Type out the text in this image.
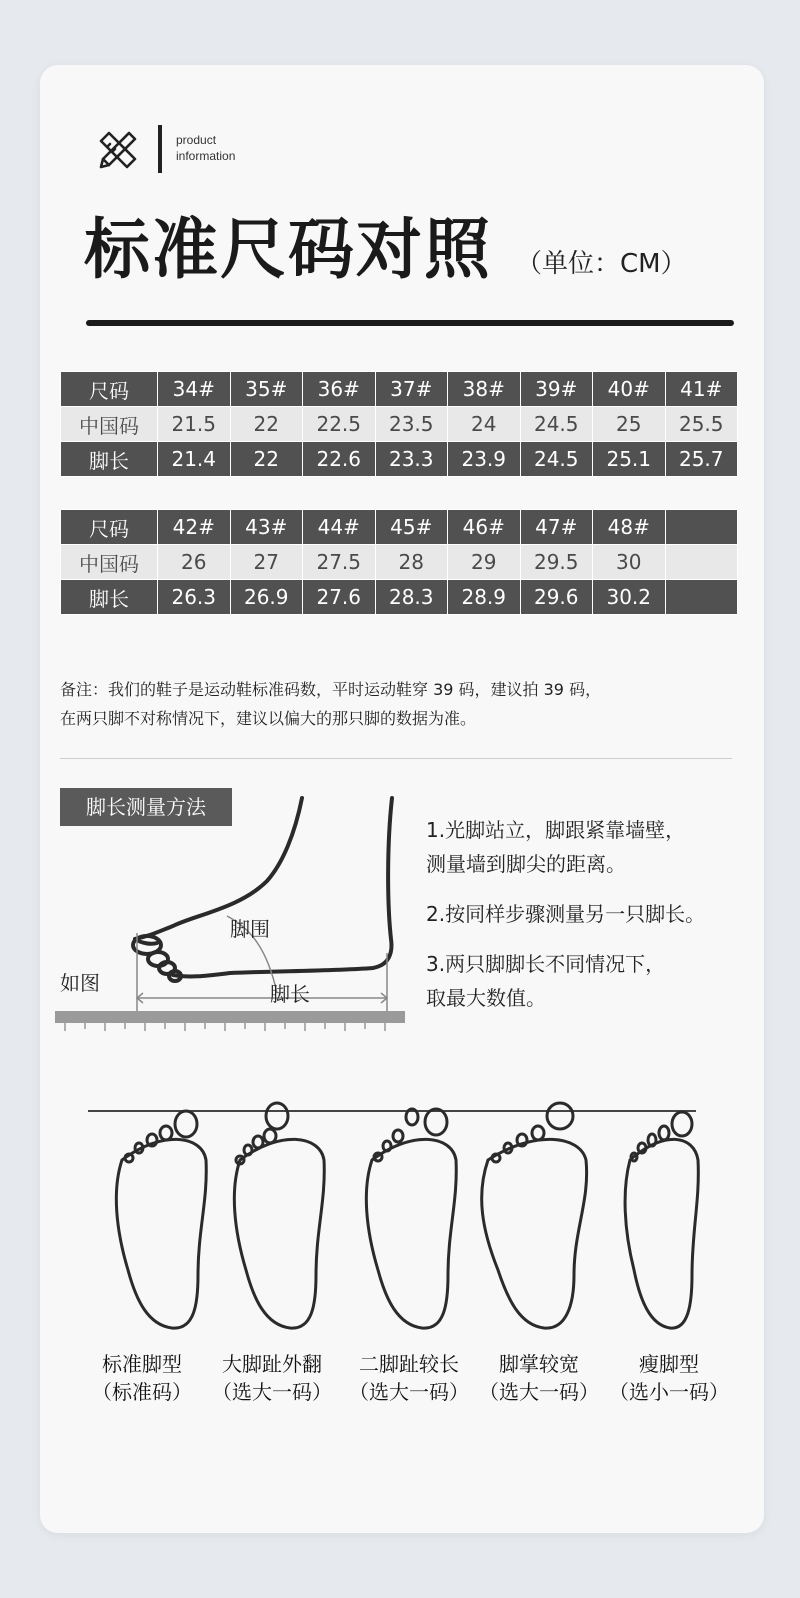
product
information
标准尺码对照 （单位：CM）
尺码	34#	35#	36#	37#	38#	39#	40#	41#
中国码	21.5	22	22.5	23.5	24	24.5	25	25.5
脚长	21.4	22	22.6	23.3	23.9	24.5	25.1	25.7
尺码	42#	43#	44#	45#	46#	47#	48#	
中国码	26	27	27.5	28	29	29.5	30	
脚长	26.3	26.9	27.6	28.3	28.9	29.6	30.2	
备注：我们的鞋子是运动鞋标准码数，平时运动鞋穿 39 码，建议拍 39 码，
在两只脚不对称情况下，建议以偏大的那只脚的数据为准。
脚长测量方法
如图
脚围
脚长
1.光脚站立，脚跟紧靠墙壁，
测量墙到脚尖的距离。
2.按同样步骤测量另一只脚长。
3.两只脚脚长不同情况下，
取最大数值。
标准脚型
（标准码）
大脚趾外翻
（选大一码）
二脚趾较长
（选大一码）
脚掌较宽
（选大一码）
瘦脚型
（选小一码）
